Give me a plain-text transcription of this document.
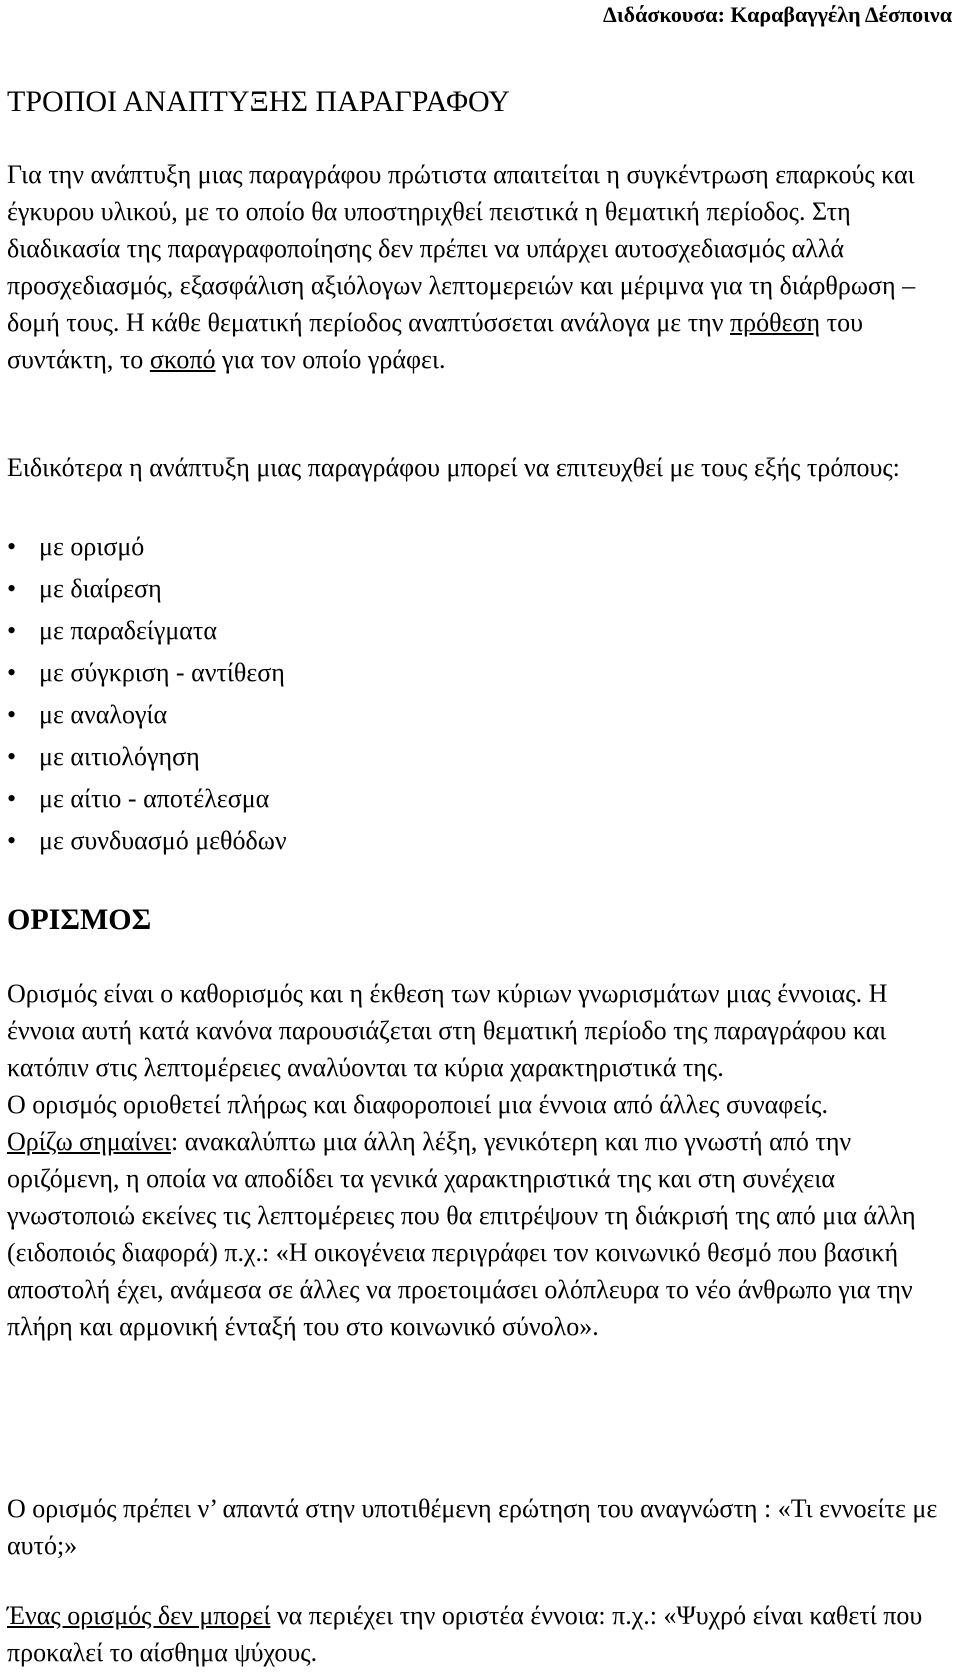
Διδάσκουσα: Καραβαγγέλη Δέσποινα
ΤΡΟΠΟΙ ΑΝΑΠΤΥΞΗΣ ΠΑΡΑΓΡΑΦΟΥ

Για την ανάπτυξη μιας παραγράφου πρώτιστα απαιτείται η συγκέντρωση επαρκούς και έγκυρου υλικού, με το οποίο θα υποστηριχθεί πειστικά η θεματική περίοδος. Στη διαδικασία της παραγραφοποίησης δεν πρέπει να υπάρχει αυτοσχεδιασμός αλλά προσχεδιασμός, εξασφάλιση αξιόλογων λεπτομερειών και μέριμνα για τη διάρθρωση – δομή τους. Η κάθε θεματική περίοδος αναπτύσσεται ανάλογα με την πρόθεση του συντάκτη, το σκοπό για τον οποίο γράφει.

Ειδικότερα η ανάπτυξη μιας παραγράφου μπορεί να επιτευχθεί με τους εξής τρόπους:

• με ορισμό
• με διαίρεση
• με παραδείγματα
• με σύγκριση - αντίθεση
• με αναλογία
• με αιτιολόγηση
• με αίτιο - αποτέλεσμα
• με συνδυασμό μεθόδων
ΟΡΙΣΜΟΣ
Ορισμός είναι ο καθορισμός και η έκθεση των κύριων γνωρισμάτων μιας έννοιας. Η έννοια αυτή κατά κανόνα παρουσιάζεται στη θεματική περίοδο της παραγράφου και κατόπιν στις λεπτομέρειες αναλύονται τα κύρια χαρακτηριστικά της.
Ο ορισμός οριοθετεί πλήρως και διαφοροποιεί μια έννοια από άλλες συναφείς.
Ορίζω σημαίνει: ανακαλύπτω μια άλλη λέξη, γενικότερη και πιο γνωστή από την οριζόμενη, η οποία να αποδίδει τα γενικά χαρακτηριστικά της και στη συνέχεια γνωστοποιώ εκείνες τις λεπτομέρειες που θα επιτρέψουν τη διάκρισή της από μια άλλη (ειδοποιός διαφορά) π.χ.: «Η οικογένεια περιγράφει τον κοινωνικό θεσμό που βασική αποστολή έχει, ανάμεσα σε άλλες να προετοιμάσει ολόπλευρα το νέο άνθρωπο για την πλήρη και αρμονική ένταξή του στο κοινωνικό σύνολο».

Ο ορισμός πρέπει ν’ απαντά στην υποτιθέμενη ερώτηση του αναγνώστη : «Τι εννοείτε με αυτό;»

Ένας ορισμός δεν μπορεί να περιέχει την οριστέα έννοια: π.χ.: «Ψυχρό είναι καθετί που προκαλεί το αίσθημα ψύχους.
